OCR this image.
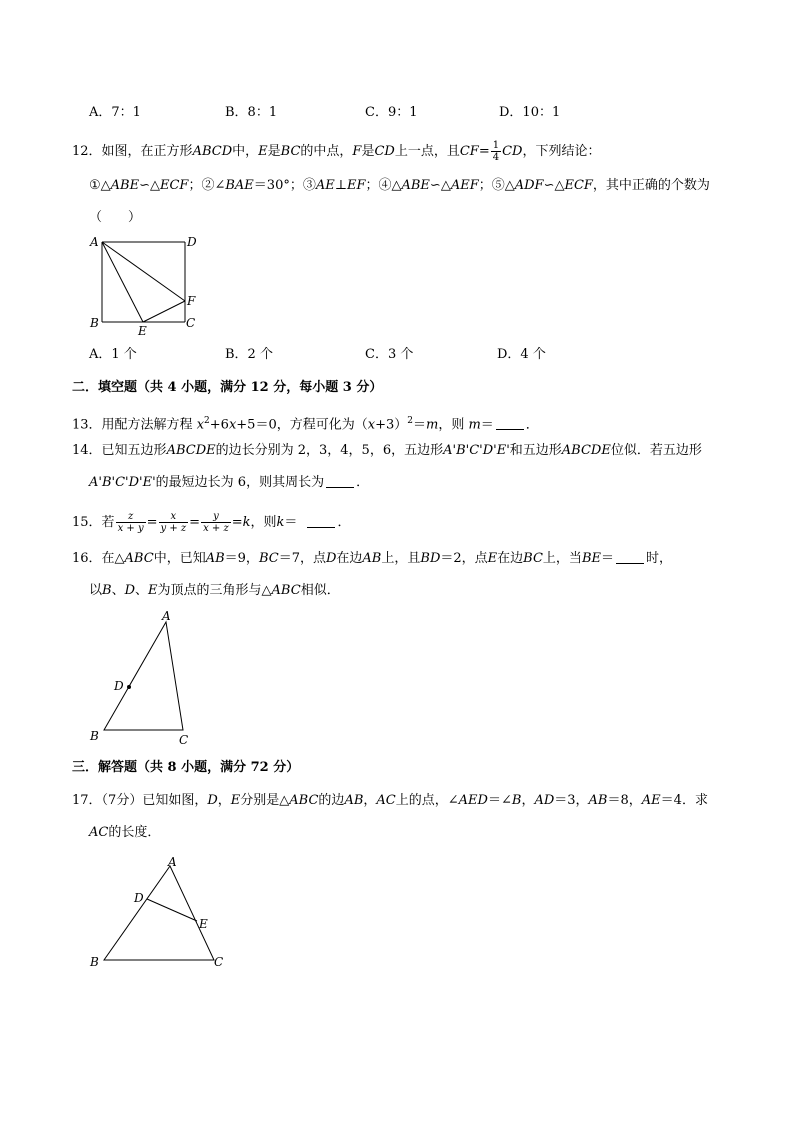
A．7：1	B．8：1	C．9：1	D．10：1
12．如图，在正方形ABCD中，E是BC的中点，F是CD上一点，且$CF= \frac{1}{4}$ CD，下列结论：
①△ABE∽△ECF；②∠BAE＝30°；③AE⊥EF；④△ABE∽△AEF；⑤△ADF∽△ECF，其中正确的个数为
（　　）
A	D
B	C
E
F
A．1 个	B．2 个	C．3 个	D．4 个
二．填空题（共 4 小题，满分 12 分，每小题 3 分）
13．用配方法解方程 $x^2+6x+5=0$，方程可化为$(x+3)^2=m$，则 m＝ ．
14．已知五边形ABCDE的边长分别为 2，3，4，5，6，五边形A'B'C'D'E'和五边形ABCDE位似．若五边形
A'B'C'D'E'的最短边长为 6，则其周长为 ．
15．若 $\frac{z}{x + y} = \frac{x}{y + z} = \frac{y}{x + z} =k$，则k＝	．
16．在△ABC中，已知AB＝9，BC＝7，点D在边AB上，且BD＝2，点E在边BC上，当BE＝ 时，
以B、D、E为顶点的三角形与△ABC相似．
A
B	C
D
三．解答题（共 8 小题，满分 72 分）
17．（7分）已知如图，D，E分别是△ABC的边AB，AC上的点，∠AED＝∠B，AD＝3，AB＝8，AE＝4．求
AC的长度．
A
B	C
D
E
